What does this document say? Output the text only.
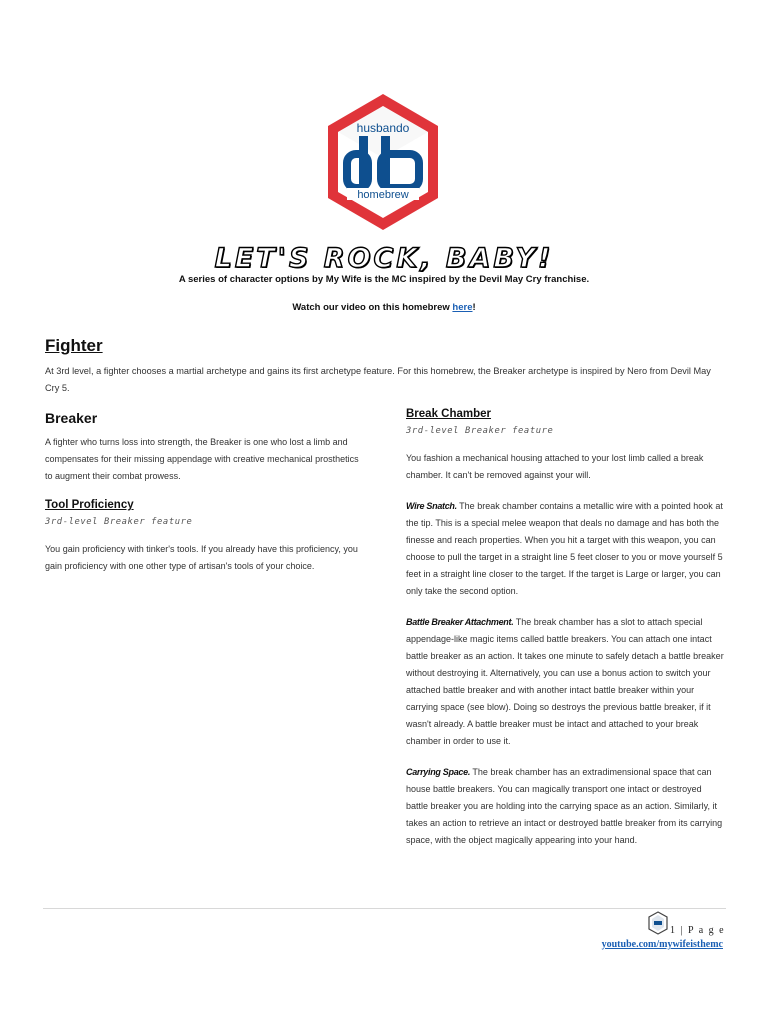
husbando
homebrew
LET'S ROCK, BABY!
A series of character options by My Wife is the MC inspired by the Devil May Cry franchise.
Watch our video on this homebrew here!
Fighter
At 3rd level, a fighter chooses a martial archetype and gains its first archetype feature. For this homebrew, the Breaker archetype is inspired by Nero from Devil May Cry 5.
Breaker

A fighter who turns loss into strength, the Breaker is one who lost a limb and compensates for their missing appendage with creative mechanical prosthetics to augment their combat prowess.

Tool Proficiency
3rd-level Breaker feature

You gain proficiency with tinker's tools. If you already have this proficiency, you gain proficiency with one other type of artisan's tools of your choice.

Break Chamber
3rd-level Breaker feature

You fashion a mechanical housing attached to your lost limb called a break chamber. It can't be removed against your will.

Wire Snatch. The break chamber contains a metallic wire with a pointed hook at the tip. This is a special melee weapon that deals no damage and has both the finesse and reach properties. When you hit a target with this weapon, you can choose to pull the target in a straight line 5 feet closer to you or move yourself 5 feet in a straight line closer to the target. If the target is Large or larger, you can only take the second option.

Battle Breaker Attachment. The break chamber has a slot to attach special appendage-like magic items called battle breakers. You can attach one intact battle breaker as an action. It takes one minute to safely detach a battle breaker without destroying it. Alternatively, you can use a bonus action to switch your attached battle breaker and with another intact battle breaker within your carrying space (see blow). Doing so destroys the previous battle breaker, if it wasn't already. A battle breaker must be intact and attached to your break chamber in order to use it.

Carrying Space. The break chamber has an extradimensional space that can house battle breakers. You can magically transport one intact or destroyed battle breaker you are holding into the carrying space as an action. Similarly, it takes an action to retrieve an intact or destroyed battle breaker from its carrying space, with the object magically appearing into your hand.

1 | P a g e
youtube.com/mywifeisthemc
